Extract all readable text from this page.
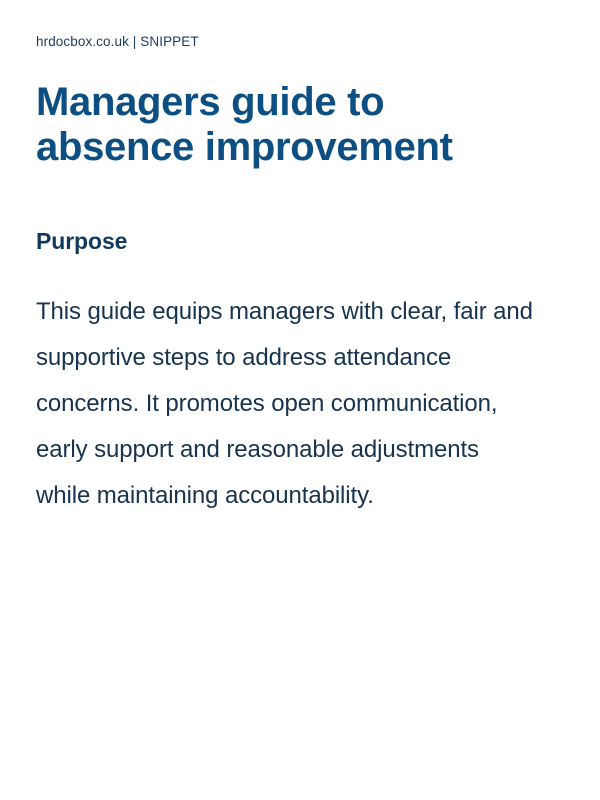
hrdocbox.co.uk | SNIPPET
Managers guide to absence improvement
Purpose

This guide equips managers with clear, fair and supportive steps to address attendance concerns. It promotes open communication, early support and reasonable adjustments while maintaining accountability.
